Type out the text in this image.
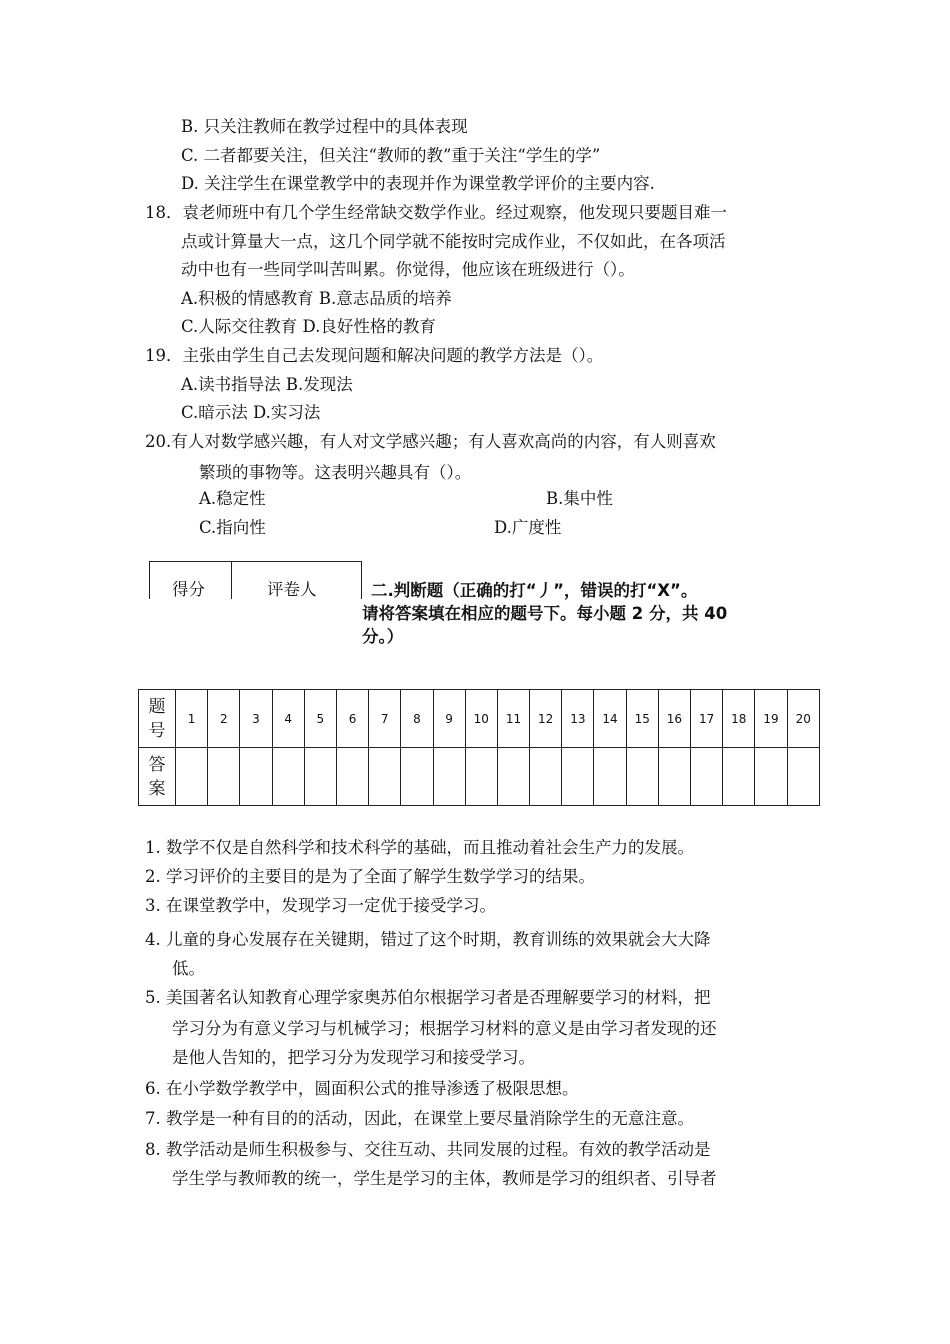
B. 只关注教师在教学过程中的具体表现
C. 二者都要关注，但关注“教师的教”重于关注“学生的学”
D. 关注学生在课堂教学中的表现并作为课堂教学评价的主要内容.
18．袁老师班中有几个学生经常缺交数学作业。经过观察，他发现只要题目难一
点或计算量大一点，这几个同学就不能按时完成作业，不仅如此，在各项活
动中也有一些同学叫苦叫累。你觉得，他应该在班级进行（）。
A.积极的情感教育 B.意志品质的培养
C.人际交往教育 D.良好性格的教育
19．主张由学生自己去发现问题和解决问题的教学方法是（）。
A.读书指导法 B.发现法
C.暗示法 D.实习法
20.有人对数学感兴趣，有人对文学感兴趣；有人喜欢高尚的内容，有人则喜欢
繁琐的事物等。这表明兴趣具有（）。
A.稳定性	B.集中性
C.指向性	D.广度性
得分	评卷人	二.判断题（正确的打“丿”，错误的打“X”。
请将答案填在相应的题号下。每小题 2 分，共 40
分。）
题
号	1	2	3	4	5	6	7	8	9	10	11	12	13	14	15	16	17	18	19	20

答
案																				

1. 数学不仅是自然科学和技术科学的基础，而且推动着社会生产力的发展。
2. 学习评价的主要目的是为了全面了解学生数学学习的结果。
3. 在课堂教学中，发现学习一定优于接受学习。
4. 儿童的身心发展存在关键期，错过了这个时期，教育训练的效果就会大大降
低。
5. 美国著名认知教育心理学家奥苏伯尔根据学习者是否理解要学习的材料，把
学习分为有意义学习与机械学习；根据学习材料的意义是由学习者发现的还
是他人告知的，把学习分为发现学习和接受学习。
6. 在小学数学教学中，圆面积公式的推导渗透了极限思想。
7. 教学是一种有目的的活动，因此，在课堂上要尽量消除学生的无意注意。
8. 教学活动是师生积极参与、交往互动、共同发展的过程。有效的教学活动是
学生学与教师教的统一，学生是学习的主体，教师是学习的组织者、引导者
